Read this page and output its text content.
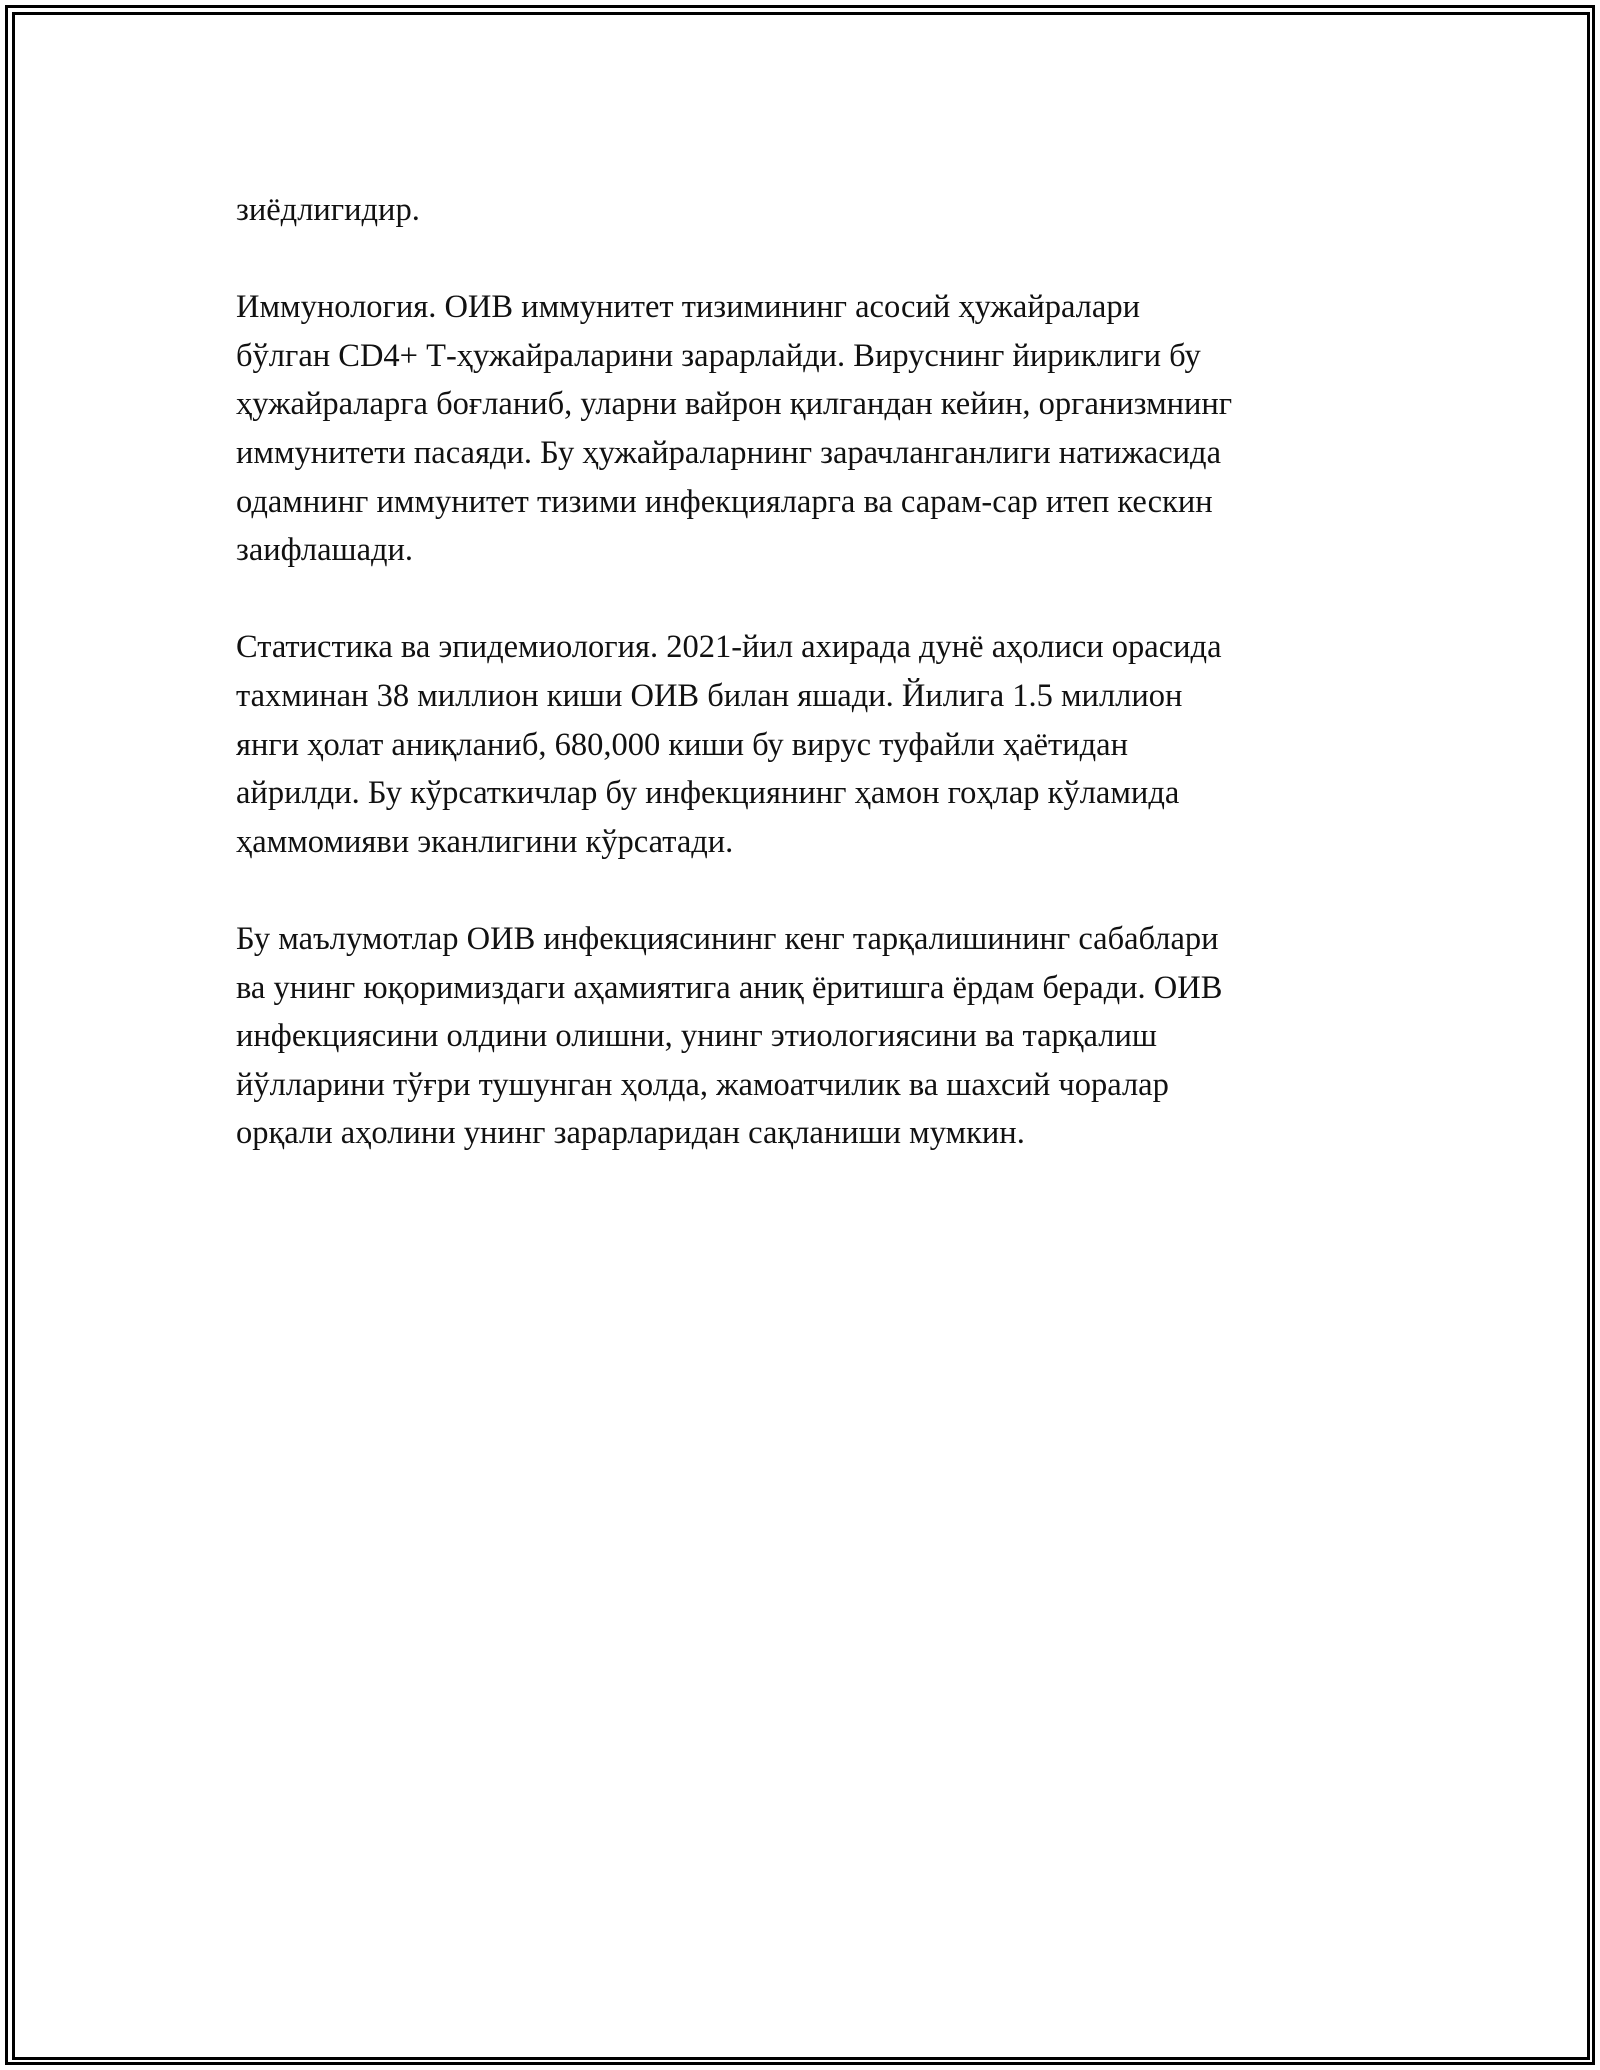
зиёдлигидир.

Иммунология. ОИВ иммунитет тизимининг асосий ҳужайралари
бўлган CD4+ Т-ҳужайраларини зарарлайди. Вируснинг йириклиги бу
ҳужайраларга боғланиб, уларни вайрон қилгандан кейин, организмнинг
иммунитети пасаяди. Бу ҳужайраларнинг зарачланганлиги натижасида
одамнинг иммунитет тизими инфекцияларга ва сарам-сар итеп кескин
заифлашади.

Статистика ва эпидемиология. 2021-йил ахирада дунё аҳолиси орасида
тахминан 38 миллион киши ОИВ билан яшади. Йилига 1.5 миллион
янги ҳолат аниқланиб, 680,000 киши бу вирус туфайли ҳаётидан
айрилди. Бу кўрсаткичлар бу инфекциянинг ҳамон гоҳлар кўламида
ҳаммомияви эканлигини кўрсатади.

Бу маълумотлар ОИВ инфекциясининг кенг тарқалишининг сабаблари
ва унинг юқоримиздаги аҳамиятига аниқ ёритишга ёрдам беради. ОИВ
инфекциясини олдини олишни, унинг этиологиясини ва тарқалиш
йўлларини тўғри тушунган ҳолда, жамоатчилик ва шахсий чоралар
орқали аҳолини унинг зарарларидан сақланиши мумкин.
